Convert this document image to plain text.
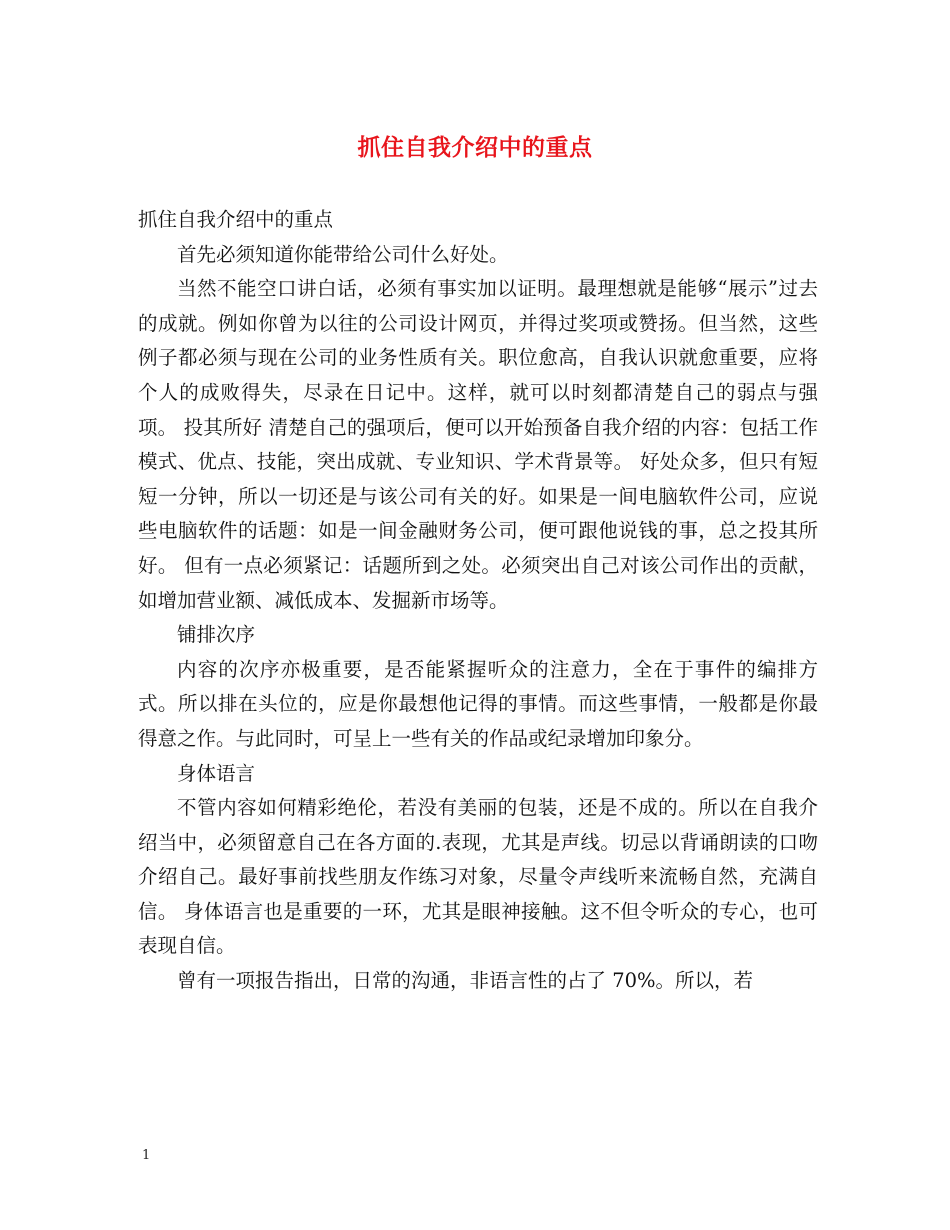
抓住自我介绍中的重点

抓住自我介绍中的重点

首先必须知道你能带给公司什么好处。

当然不能空口讲白话，必须有事实加以证明。最理想就是能够“展示”过去的成就。例如你曾为以往的公司设计网页，并得过奖项或赞扬。但当然，这些例子都必须与现在公司的业务性质有关。职位愈高，自我认识就愈重要，应将个人的成败得失，尽录在日记中。这样，就可以时刻都清楚自己的弱点与强项。 投其所好 清楚自己的强项后，便可以开始预备自我介绍的内容：包括工作模式、优点、技能，突出成就、专业知识、学术背景等。 好处众多，但只有短短一分钟，所以一切还是与该公司有关的好。如果是一间电脑软件公司，应说些电脑软件的话题：如是一间金融财务公司，便可跟他说钱的事，总之投其所好。 但有一点必须紧记：话题所到之处。必须突出自己对该公司作出的贡献，如增加营业额、减低成本、发掘新市场等。

铺排次序

内容的次序亦极重要，是否能紧握听众的注意力，全在于事件的编排方式。所以排在头位的，应是你最想他记得的事情。而这些事情，一般都是你最得意之作。与此同时，可呈上一些有关的作品或纪录增加印象分。

身体语言

不管内容如何精彩绝伦，若没有美丽的包装，还是不成的。所以在自我介绍当中，必须留意自己在各方面的.表现，尤其是声线。切忌以背诵朗读的口吻介绍自己。最好事前找些朋友作练习对象，尽量令声线听来流畅自然，充满自信。 身体语言也是重要的一环，尤其是眼神接触。这不但令听众的专心，也可表现自信。

曾有一项报告指出，日常的沟通，非语言性的占了 70%。所以，若

1
